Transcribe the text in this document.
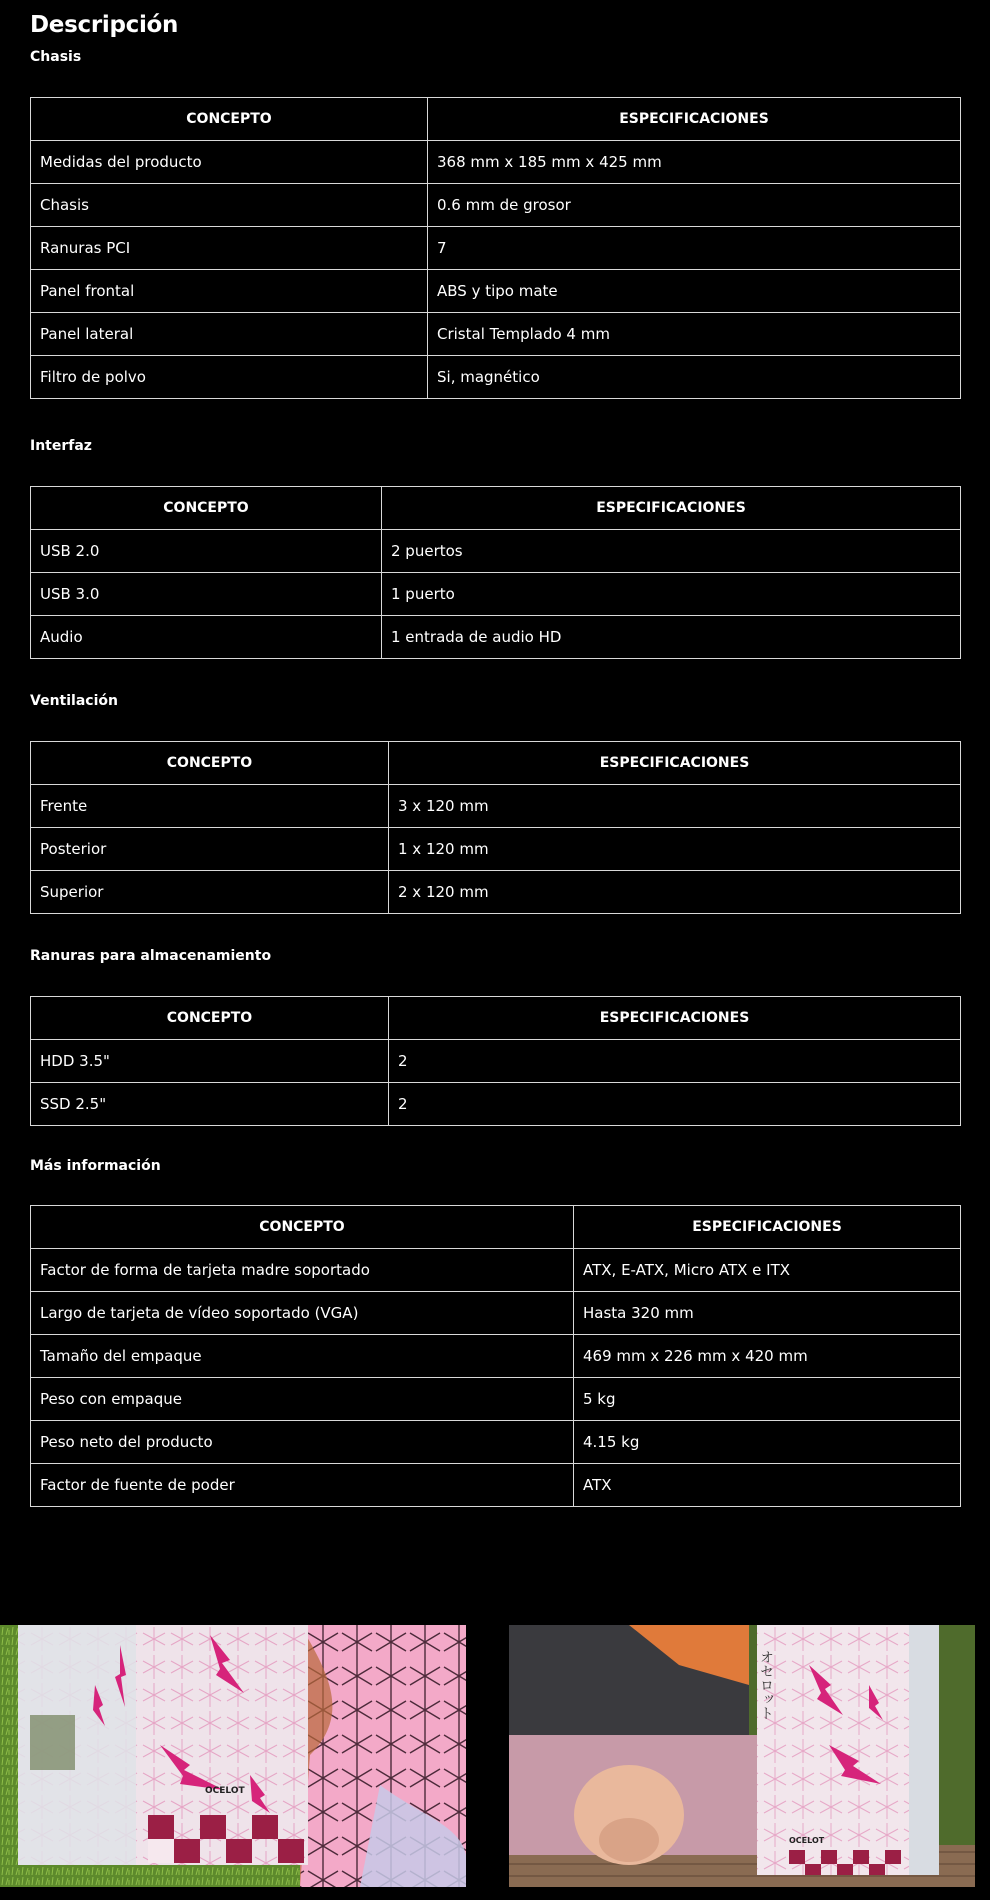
Descripción
Chasis
CONCEPTO	ESPECIFICACIONES
Medidas del producto	368 mm x 185 mm x 425 mm
Chasis	0.6 mm de grosor
Ranuras PCI	7
Panel frontal	ABS y tipo mate
Panel lateral	Cristal Templado 4 mm
Filtro de polvo	Si, magnético
Interfaz
CONCEPTO	ESPECIFICACIONES
USB 2.0	2 puertos
USB 3.0	1 puerto
Audio	1 entrada de audio HD
Ventilación
CONCEPTO	ESPECIFICACIONES
Frente	3 x 120 mm
Posterior	1 x 120 mm
Superior	2 x 120 mm
Ranuras para almacenamiento
CONCEPTO	ESPECIFICACIONES
HDD 3.5"	2
SSD 2.5"	2
Más información
CONCEPTO	ESPECIFICACIONES
Factor de forma de tarjeta madre soportado	ATX, E-ATX, Micro ATX e ITX
Largo de tarjeta de vídeo soportado (VGA)	Hasta 320 mm
Tamaño del empaque	469 mm x 226 mm x 420 mm
Peso con empaque	5 kg
Peso neto del producto	4.15 kg
Factor de fuente de poder	ATX
OCELOT
オセロット
OCELOT
